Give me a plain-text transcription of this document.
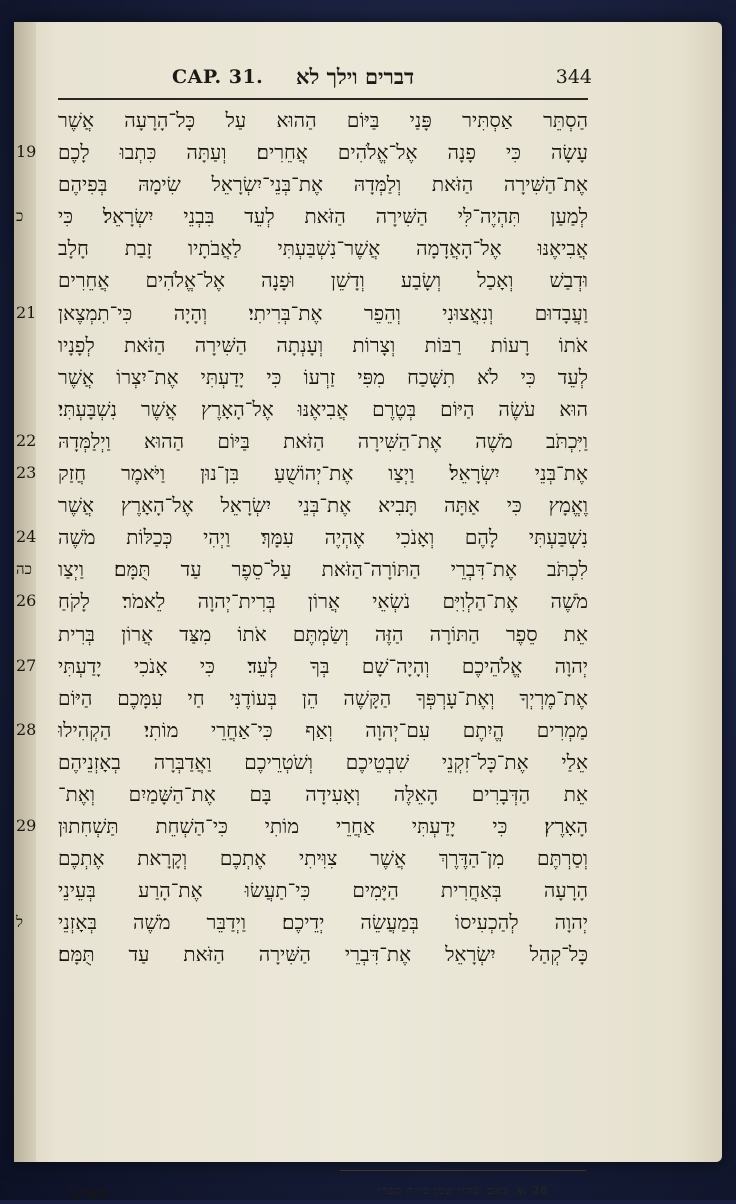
CAP. 31. דברים וילך לא	344
הַסְתֵּר אַסְתִּיר פָּנַי בַּיּוֹם הַהוּא עַל כָּל־הָרָעָה אֲשֶׁר
19	עָשָׂה כִּי פָנָה אֶל־אֱלֹהִים אֲחֵרִים׃ וְעַתָּה כִּתְבוּ לָכֶם
אֶת־הַשִּׁירָה הַזֹּאת וְלַמְּדָהּ אֶת־בְּנֵי־יִשְׂרָאֵל שִׂימָהּ בְּפִיהֶם
כ	לְמַעַן תִּהְיֶה־לִּי הַשִּׁירָה הַזֹּאת לְעֵד בִּבְנֵי יִשְׂרָאֵל׃ כִּי
אֲבִיאֶנּוּ אֶל־הָאֲדָמָה אֲשֶׁר־נִשְׁבַּעְתִּי לַאֲבֹתָיו זָבַת חָלָב
וּדְבַשׁ וְאָכַל וְשָׂבַע וְדָשֵׁן וּפָנָה אֶל־אֱלֹהִים אֲחֵרִים
21	וַעֲבָדוּם וְנִאֲצוּנִי וְהֵפֵר אֶת־בְּרִיתִי׃ וְהָיָה כִּי־תִמְצֶאןָ
אֹתוֹ רָעוֹת רַבּוֹת וְצָרוֹת וְעָנְתָה הַשִּׁירָה הַזֹּאת לְפָנָיו
לְעֵד כִּי לֹא תִשָּׁכַח מִפִּי זַרְעוֹ כִּי יָדַעְתִּי אֶת־יִצְרוֹ אֲשֶׁר
הוּא עֹשֶׂה הַיּוֹם בְּטֶרֶם אֲבִיאֶנּוּ אֶל־הָאָרֶץ אֲשֶׁר נִשְׁבָּעְתִּי׃
22	וַיִּכְתֹּב מֹשֶׁה אֶת־הַשִּׁירָה הַזֹּאת בַּיּוֹם הַהוּא וַיְלַמְּדָהּ
23	אֶת־בְּנֵי יִשְׂרָאֵל׃ וַיְצַו אֶת־יְהוֹשֻׁעַ בִּן־נוּן וַיֹּאמֶר חֲזַק
וֶאֱמָץ כִּי אַתָּה תָּבִיא אֶת־בְּנֵי יִשְׂרָאֵל אֶל־הָאָרֶץ אֲשֶׁר
24	נִשְׁבַּעְתִּי לָהֶם וְאָנֹכִי אֶהְיֶה עִמָּךְ׃ וַיְהִי כְּכַלּוֹת מֹשֶׁה
כה	לִכְתֹּב אֶת־דִּבְרֵי הַתּוֹרָה־הַזֹּאת עַל־סֵפֶר עַד תֻּמָּם׃ וַיְצַו
26	מֹשֶׁה אֶת־הַלְוִיִּם נֹשְׂאֵי אֲרוֹן בְּרִית־יְהוָה לֵאמֹר׃ לָקֹחַ
אֵת סֵפֶר הַתּוֹרָה הַזֶּה וְשַׂמְתֶּם אֹתוֹ מִצַּד אֲרוֹן בְּרִית
27	יְהוָה אֱלֹהֵיכֶם וְהָיָה־שָׁם בְּךָ לְעֵד׃ כִּי אָנֹכִי יָדַעְתִּי
אֶת־מֶרְיְךָ וְאֶת־עָרְפְּךָ הַקָּשֶׁה הֵן בְּעוֹדֶנִּי חַי עִמָּכֶם הַיּוֹם
28	מַמְרִים הֱיִתֶם עִם־יְהוָה וְאַף כִּי־אַחֲרֵי מוֹתִי׃ הַקְהִילוּ
אֵלַי אֶת־כָּל־זִקְנֵי שִׁבְטֵיכֶם וְשֹׁטְרֵיכֶם וַאֲדַבְּרָה בְאָזְנֵיהֶם
אֵת הַדְּבָרִים הָאֵלֶּה וְאָעִידָה בָּם אֶת־הַשָּׁמַיִם וְאֶת־
29	הָאָרֶץ׃ כִּי יָדַעְתִּי אַחֲרֵי מוֹתִי כִּי־הַשְׁחֵת תַּשְׁחִתוּן
וְסַרְתֶּם מִן־הַדֶּרֶךְ אֲשֶׁר צִוִּיתִי אֶתְכֶם וְקָרָאת אֶתְכֶם
הָרָעָה בְּאַחֲרִית הַיָּמִים כִּי־תַעֲשׂוּ אֶת־הָרַע בְּעֵינֵי
ל	יְהוָה לְהַכְעִיסוֹ בְּמַעֲשֵׂה יְדֵיכֶם׃ וַיְדַבֵּר מֹשֶׁה בְּאָזְנֵי
כָּל־קְהַל יִשְׂרָאֵל אֶת־דִּבְרֵי הַשִּׁירָה הַזֹּאת עַד תֻּמָּם׃
האזינו	v. 28. באם שהיו שמן בי״ה ספרי
